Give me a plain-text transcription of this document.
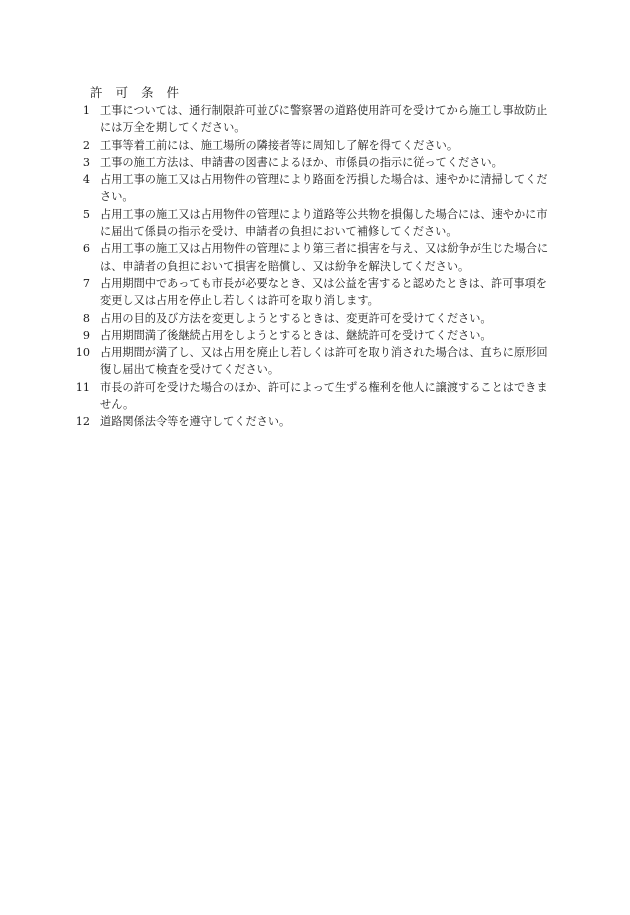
許可条件
1 工事については、通行制限許可並びに警察署の道路使用許可を受けてから施工し事故防止には万全を期してください。
2 工事等着工前には、施工場所の隣接者等に周知し了解を得てください。
3 工事の施工方法は、申請書の図書によるほか、市係員の指示に従ってください。
4 占用工事の施工又は占用物件の管理により路面を汚損した場合は、速やかに清掃してください。
5 占用工事の施工又は占用物件の管理により道路等公共物を損傷した場合には、速やかに市に届出て係員の指示を受け、申請者の負担において補修してください。
6 占用工事の施工又は占用物件の管理により第三者に損害を与え、又は紛争が生じた場合には、申請者の負担において損害を賠償し、又は紛争を解決してください。
7 占用期間中であっても市長が必要なとき、又は公益を害すると認めたときは、許可事項を変更し又は占用を停止し若しくは許可を取り消します。
8 占用の目的及び方法を変更しようとするときは、変更許可を受けてください。
9 占用期間満了後継続占用をしようとするときは、継続許可を受けてください。
10 占用期間が満了し、又は占用を廃止し若しくは許可を取り消された場合は、直ちに原形回復し届出て検査を受けてください。
11 市長の許可を受けた場合のほか、許可によって生ずる権利を他人に譲渡することはできません。
12 道路関係法令等を遵守してください。
